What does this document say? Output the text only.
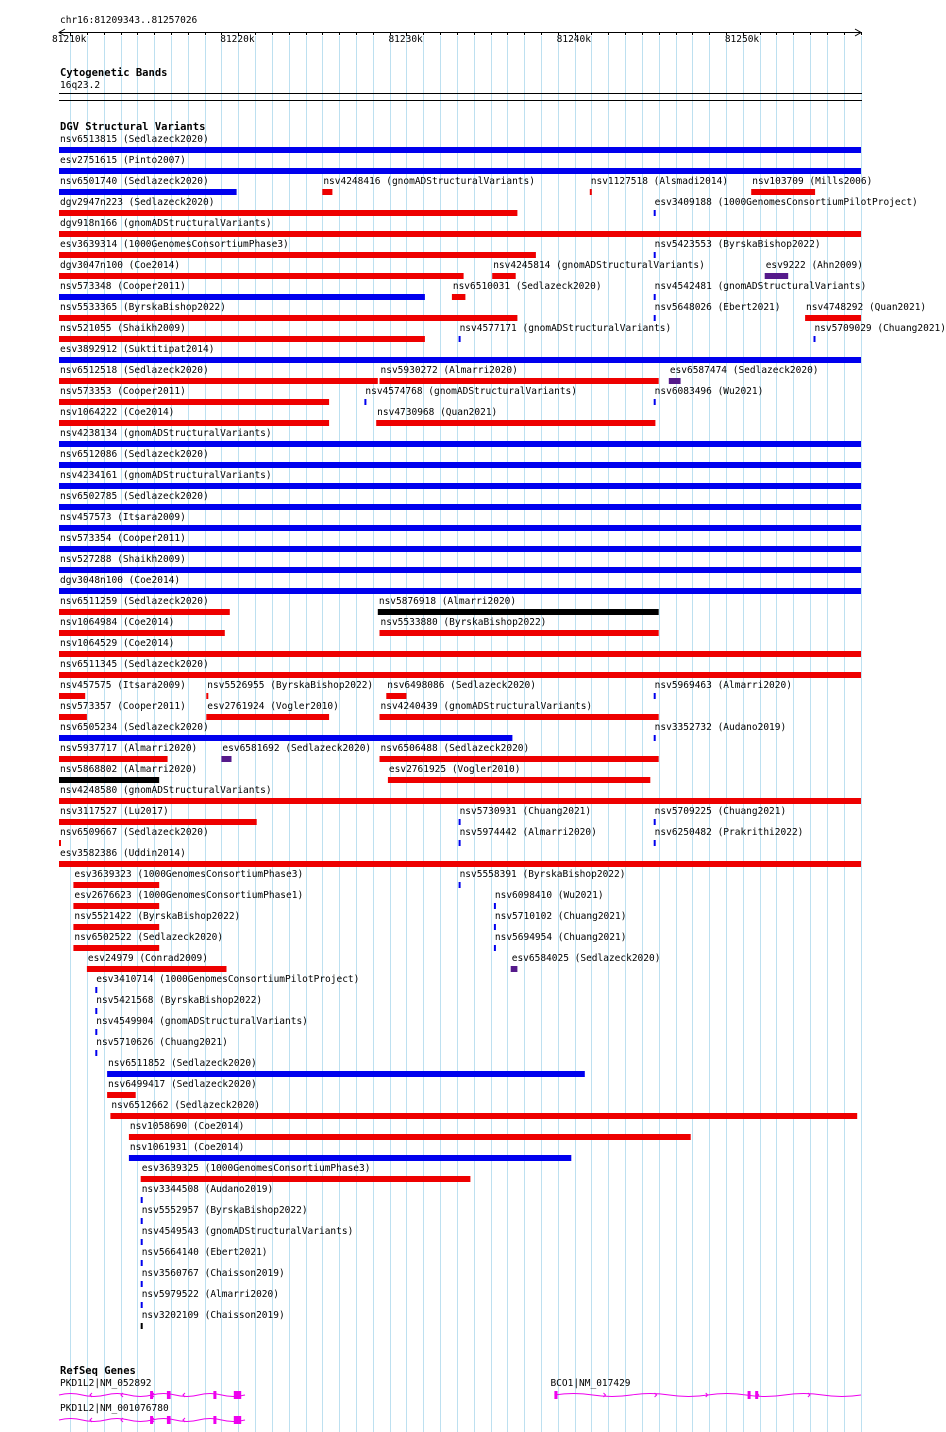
chr16:81209343..81257026
81210k	81220k	81230k	81240k	81250k
Cytogenetic Bands
16q23.2
DGV Structural Variants
nsv6513815 (Sedlazeck2020)
esv2751615 (Pinto2007)
nsv6501740 (Sedlazeck2020)	nsv4248416 (gnomADStructuralVariants)	nsv1127518 (Alsmadi2014)	nsv103709 (Mills2006)
dgv2947n223 (Sedlazeck2020)	esv3409188 (1000GenomesConsortiumPilotProject)
dgv918n166 (gnomADStructuralVariants)
esv3639314 (1000GenomesConsortiumPhase3)	nsv5423553 (ByrskaBishop2022)
dgv3047n100 (Coe2014)	nsv4245814 (gnomADStructuralVariants)	esv9222 (Ahn2009)
nsv573348 (Cooper2011)	nsv6510031 (Sedlazeck2020)	nsv4542481 (gnomADStructuralVariants)
nsv5533365 (ByrskaBishop2022)	nsv5648026 (Ebert2021)	nsv4748292 (Quan2021)
nsv521055 (Shaikh2009)	nsv4577171 (gnomADStructuralVariants)	nsv5709029 (Chuang2021)
esv3892912 (Suktitipat2014)
nsv6512518 (Sedlazeck2020)	nsv5930272 (Almarri2020)	esv6587474 (Sedlazeck2020)
nsv573353 (Cooper2011)	nsv4574768 (gnomADStructuralVariants)	nsv6083496 (Wu2021)
nsv1064222 (Coe2014)	nsv4730968 (Quan2021)
nsv4238134 (gnomADStructuralVariants)
nsv6512086 (Sedlazeck2020)
nsv4234161 (gnomADStructuralVariants)
nsv6502785 (Sedlazeck2020)
nsv457573 (Itsara2009)
nsv573354 (Cooper2011)
nsv527288 (Shaikh2009)
dgv3048n100 (Coe2014)
nsv6511259 (Sedlazeck2020)	nsv5876918 (Almarri2020)
nsv1064984 (Coe2014)	nsv5533880 (ByrskaBishop2022)
nsv1064529 (Coe2014)
nsv6511345 (Sedlazeck2020)
nsv457575 (Itsara2009) nsv5526955 (ByrskaBishop2022) nsv6498086 (Sedlazeck2020)	nsv5969463 (Almarri2020)
nsv573357 (Cooper2011) esv2761924 (Vogler2010)	nsv4240439 (gnomADStructuralVariants)
nsv6505234 (Sedlazeck2020)	nsv3352732 (Audano2019)
nsv5937717 (Almarri2020)	esv6581692 (Sedlazeck2020) nsv6506488 (Sedlazeck2020)
nsv5868802 (Almarri2020)	esv2761925 (Vogler2010)
nsv4248580 (gnomADStructuralVariants)
nsv3117527 (Lu2017)	nsv5730931 (Chuang2021)	nsv5709225 (Chuang2021)
nsv6509667 (Sedlazeck2020)	nsv5974442 (Almarri2020)	nsv6250482 (Prakrithi2022)
esv3582386 (Uddin2014)
esv3639323 (1000GenomesConsortiumPhase3)	nsv5558391 (ByrskaBishop2022)
esv2676623 (1000GenomesConsortiumPhase1)	nsv6098410 (Wu2021)
nsv5521422 (ByrskaBishop2022)	nsv5710102 (Chuang2021)
nsv6502522 (Sedlazeck2020)	nsv5694954 (Chuang2021)
esv24979 (Conrad2009)	esv6584025 (Sedlazeck2020)
esv3410714 (1000GenomesConsortiumPilotProject)
nsv5421568 (ByrskaBishop2022)
nsv4549904 (gnomADStructuralVariants)
nsv5710626 (Chuang2021)
nsv6511852 (Sedlazeck2020)
nsv6499417 (Sedlazeck2020)
nsv6512662 (Sedlazeck2020)
nsv1058690 (Coe2014)
nsv1061931 (Coe2014)
esv3639325 (1000GenomesConsortiumPhase3)
nsv3344508 (Audano2019)
nsv5552957 (ByrskaBishop2022)
nsv4549543 (gnomADStructuralVariants)
nsv5664140 (Ebert2021)
nsv3560767 (Chaisson2019)
nsv5979522 (Almarri2020)
nsv3202109 (Chaisson2019)
RefSeq Genes
PKD1L2|NM_052892	BCO1|NM_017429
PKD1L2|NM_001076780
